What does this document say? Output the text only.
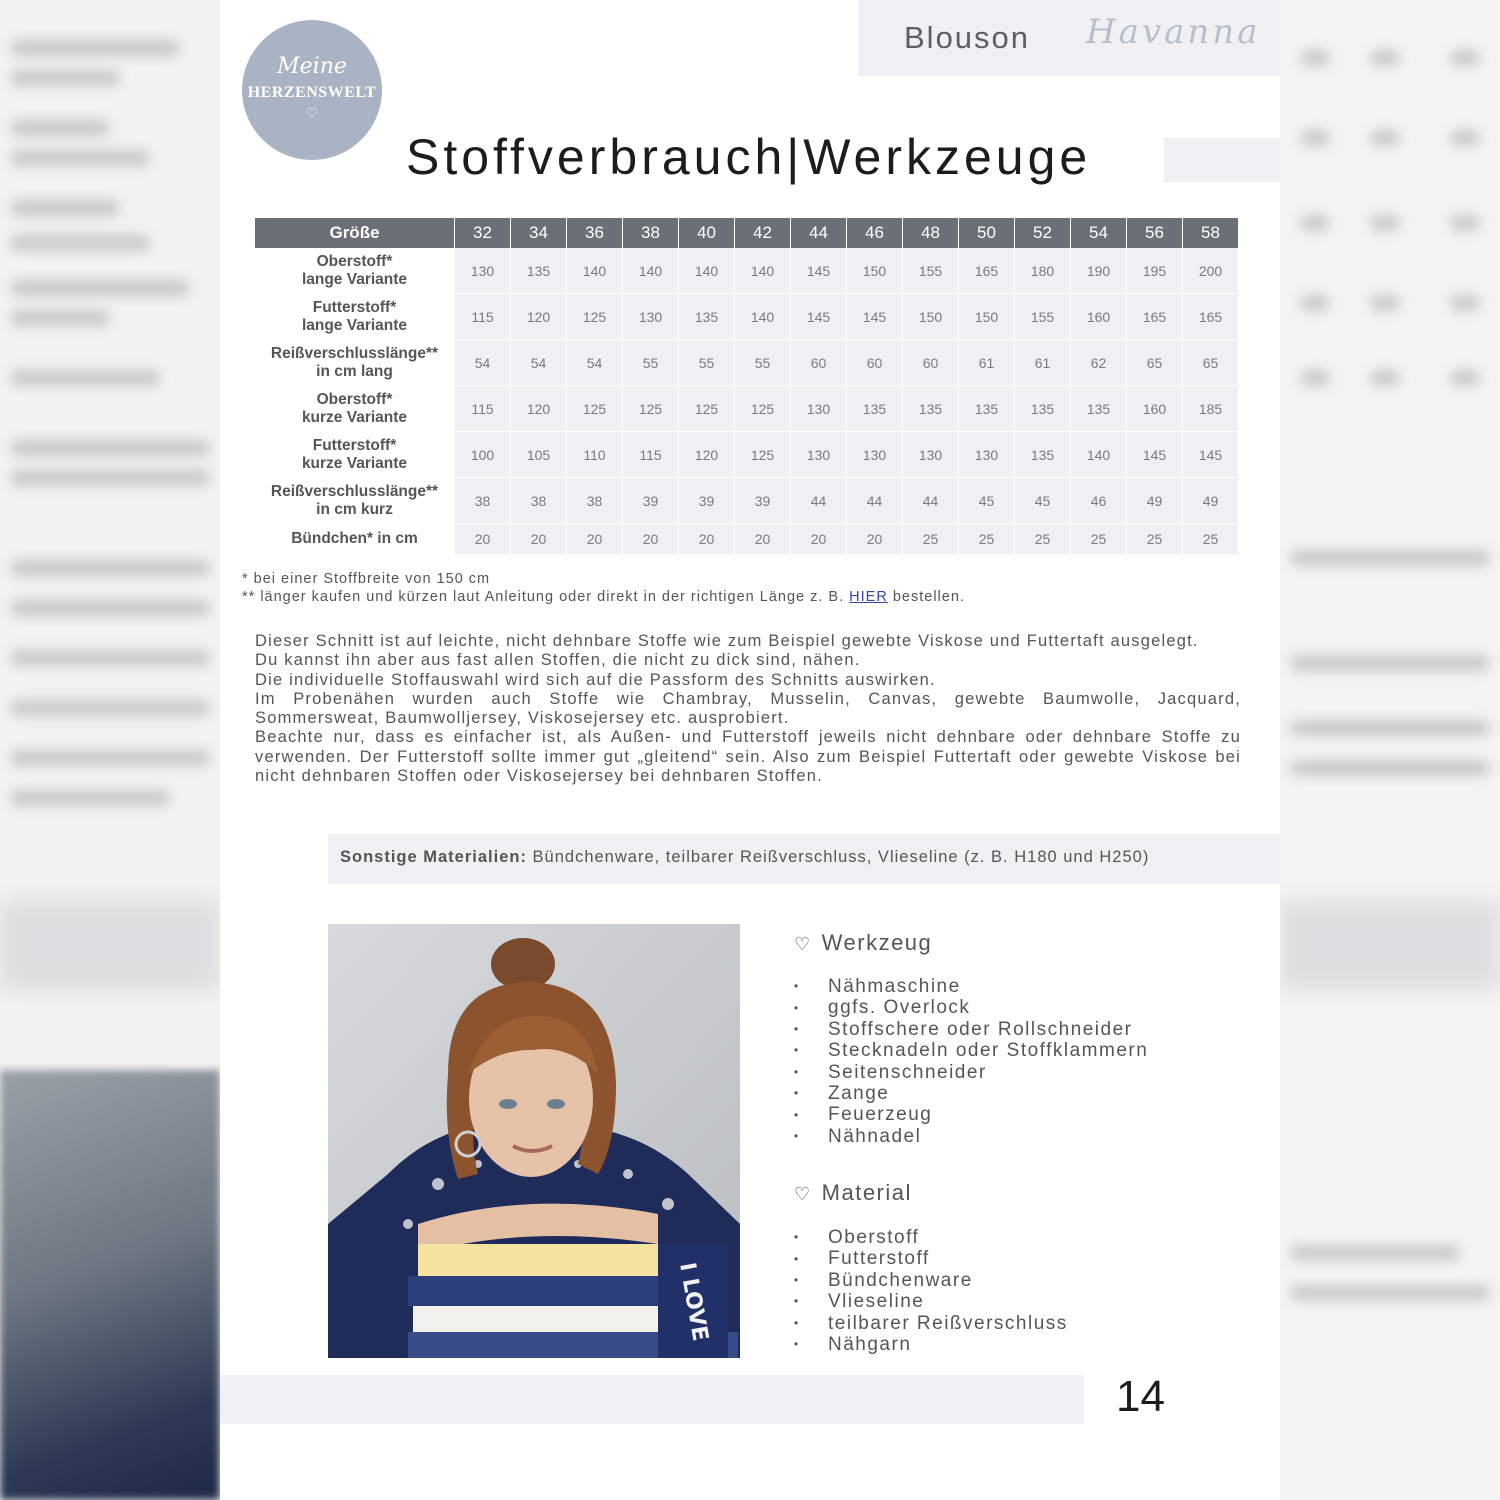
Blouson Havanna
Meine
HERZENSWELT
♡
Stoffverbrauch|Werkzeuge
Größe	32	34	36	38	40	42	44	46	48	50	52	54	56	58

Oberstoff*
lange Variante	130	135	140	140	140	140	145	150	155	165	180	190	195	200

Futterstoff*
lange Variante	115	120	125	130	135	140	145	145	150	150	155	160	165	165

Reißverschlusslänge**
in cm lang	54	54	54	55	55	55	60	60	60	61	61	62	65	65

Oberstoff*
kurze Variante	115	120	125	125	125	125	130	135	135	135	135	135	160	185

Futterstoff*
kurze Variante	100	105	110	115	120	125	130	130	130	130	135	140	145	145

Reißverschlusslänge**
in cm kurz	38	38	38	39	39	39	44	44	44	45	45	46	49	49

Bündchen* in cm	20	20	20	20	20	20	20	20	25	25	25	25	25	25
* bei einer Stoffbreite von 150 cm
** länger kaufen und kürzen laut Anleitung oder direkt in der richtigen Länge z. B. HIER bestellen.

Dieser Schnitt ist auf leichte, nicht dehnbare Stoffe wie zum Beispiel gewebte Viskose und Futtertaft ausgelegt.

Du kannst ihn aber aus fast allen Stoffen, die nicht zu dick sind, nähen.

Die individuelle Stoffauswahl wird sich auf die Passform des Schnitts auswirken.

Im Probenähen wurden auch Stoffe wie Chambray, Musselin, Canvas, gewebte Baumwolle, Jacquard, Sommersweat, Baumwolljersey, Viskosejersey etc. ausprobiert.

Beachte nur, dass es einfacher ist, als Außen- und Futterstoff jeweils nicht dehnbare oder dehnbare Stoffe zu verwenden. Der Futterstoff sollte immer gut „gleitend“ sein. Also zum Beispiel Futtertaft oder gewebte Viskose bei nicht dehnbaren Stoffen oder Viskosejersey bei dehnbaren Stoffen.

Sonstige Materialien: Bündchenware, teilbarer Reißverschluss, Vlieseline (z. B. H180 und H250)
I LOVE
♡ Werkzeug
• Nähmaschine
• ggfs. Overlock
• Stoffschere oder Rollschneider
• Stecknadeln oder Stoffklammern
• Seitenschneider
• Zange
• Feuerzeug
• Nähnadel
♡ Material
• Oberstoff
• Futterstoff
• Bündchenware
• Vlieseline
• teilbarer Reißverschluss
• Nähgarn
14
